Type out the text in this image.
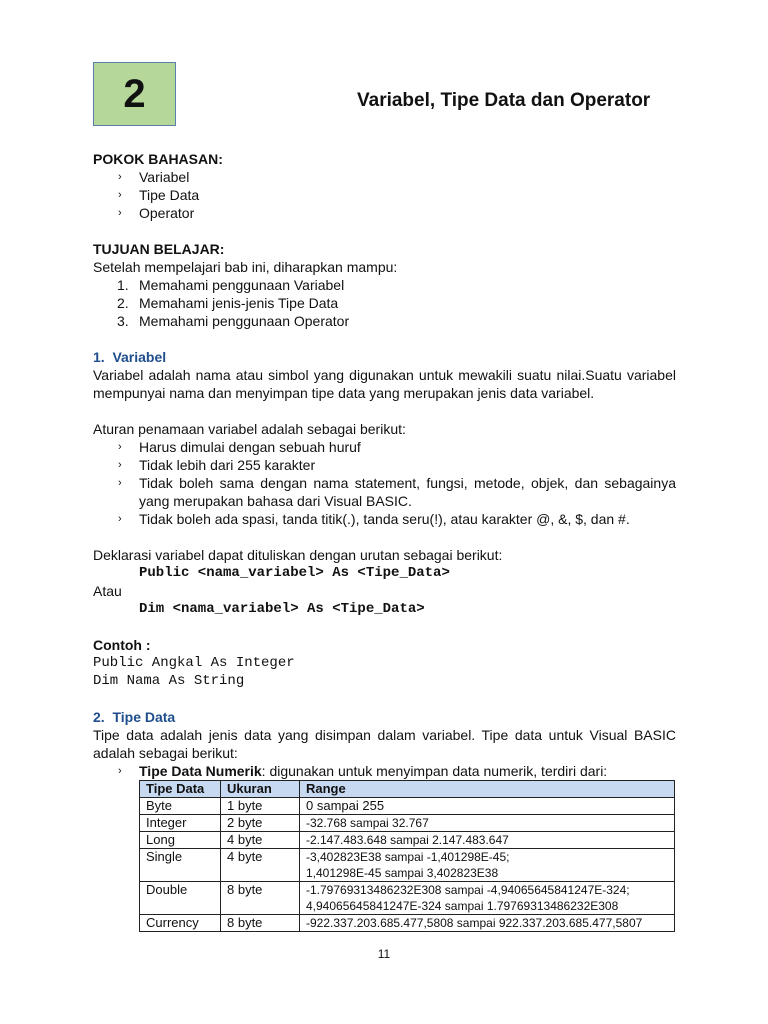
2	Variabel, Tipe Data dan Operator
POKOK BAHASAN:
› Variabel
› Tipe Data
› Operator
TUJUAN BELAJAR:
Setelah mempelajari bab ini, diharapkan mampu:
1. Memahami penggunaan Variabel
2. Memahami jenis-jenis Tipe Data
3. Memahami penggunaan Operator
1.  Variabel
Variabel adalah nama atau simbol yang digunakan untuk mewakili suatu nilai.Suatu variabel mempunyai nama dan menyimpan tipe data yang merupakan jenis data variabel.
Aturan penamaan variabel adalah sebagai berikut:
› Harus dimulai dengan sebuah huruf
› Tidak lebih dari 255 karakter
› Tidak boleh sama dengan nama statement, fungsi, metode, objek, dan sebagainya yang merupakan bahasa dari Visual BASIC.
› Tidak boleh ada spasi, tanda titik(.), tanda seru(!), atau karakter @, &, $, dan #.
Deklarasi variabel dapat dituliskan dengan urutan sebagai berikut:
Public <nama_variabel> As <Tipe_Data>
Atau
Dim <nama_variabel> As <Tipe_Data>
Contoh :
Public Angkal As Integer
Dim Nama As String
2.  Tipe Data
Tipe data adalah jenis data yang disimpan dalam variabel. Tipe data untuk Visual BASIC adalah sebagai berikut:
› Tipe Data Numerik: digunakan untuk menyimpan data numerik, terdiri dari:
Tipe Data	Ukuran	Range
Byte	1 byte	0 sampai 255
Integer	2 byte	-32.768 sampai 32.767
Long	4 byte	-2.147.483.648 sampai 2.147.483.647
Single	4 byte	-3,402823E38 sampai -1,401298E-45;
1,401298E-45 sampai 3,402823E38
Double	8 byte	-1.79769313486232E308 sampai -4,94065645841247E-324;
4,94065645841247E-324 sampai 1.79769313486232E308
Currency	8 byte	-922.337.203.685.477,5808 sampai 922.337.203.685.477,5807
11
